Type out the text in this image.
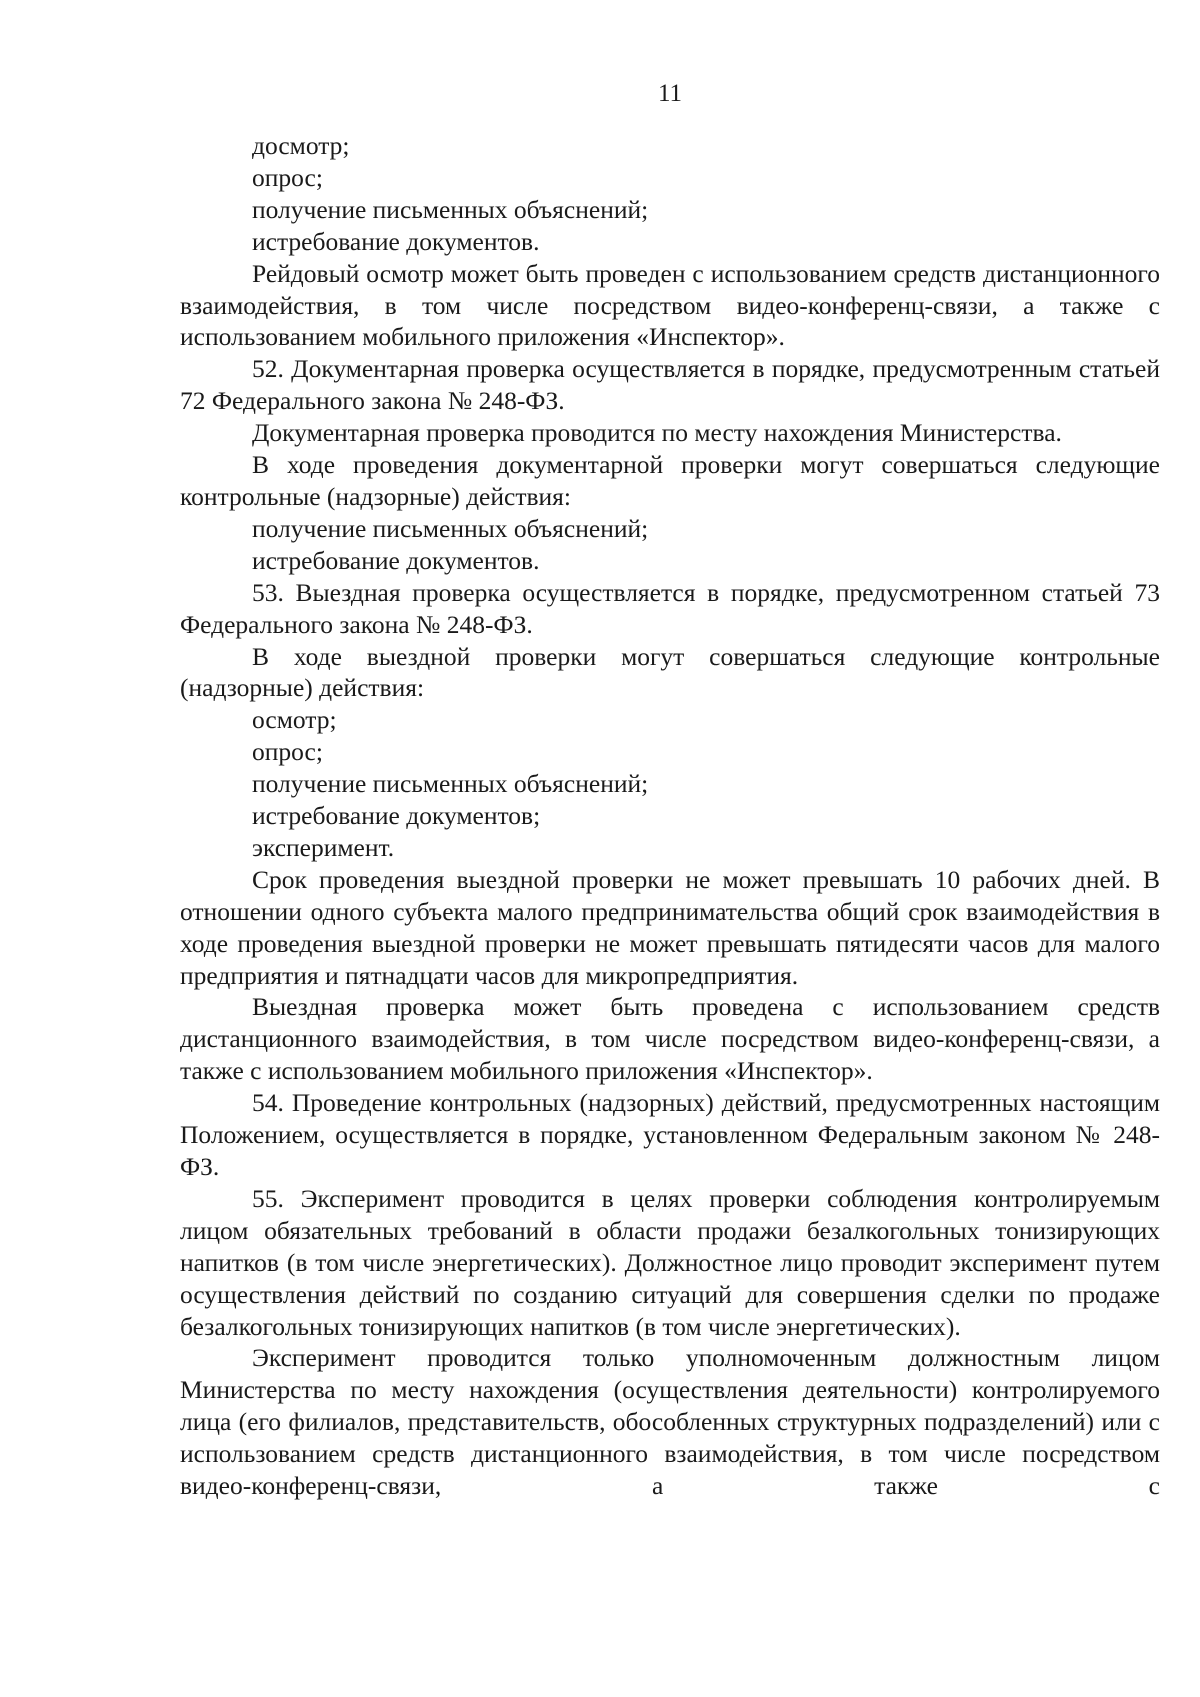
11

досмотр;

опрос;

получение письменных объяснений;

истребование документов.

Рейдовый осмотр может быть проведен с использованием средств дистанционного взаимодействия, в том числе посредством видео-конференц-связи, а также с использованием мобильного приложения «Инспектор».

52. Документарная проверка осуществляется в порядке, предусмотренным статьей 72 Федерального закона № 248-ФЗ.

Документарная проверка проводится по месту нахождения Министерства.

В ходе проведения документарной проверки могут совершаться следующие контрольные (надзорные) действия:

получение письменных объяснений;

истребование документов.

53. Выездная проверка осуществляется в порядке, предусмотренном статьей 73 Федерального закона № 248-ФЗ.

В ходе выездной проверки могут совершаться следующие контрольные (надзорные) действия:

осмотр;

опрос;

получение письменных объяснений;

истребование документов;

эксперимент.

Срок проведения выездной проверки не может превышать 10 рабочих дней. В отношении одного субъекта малого предпринимательства общий срок взаимодействия в ходе проведения выездной проверки не может превышать пятидесяти часов для малого предприятия и пятнадцати часов для микропредприятия.

Выездная проверка может быть проведена с использованием средств дистанционного взаимодействия, в том числе посредством видео-конференц-связи, а также с использованием мобильного приложения «Инспектор».

54. Проведение контрольных (надзорных) действий, предусмотренных настоящим Положением, осуществляется в порядке, установленном Федеральным законом № 248-ФЗ.

55. Эксперимент проводится в целях проверки соблюдения контролируемым лицом обязательных требований в области продажи безалкогольных тонизирующих напитков (в том числе энергетических). Должностное лицо проводит эксперимент путем осуществления действий по созданию ситуаций для совершения сделки по продаже безалкогольных тонизирующих напитков (в том числе энергетических).

Эксперимент проводится только уполномоченным должностным лицом Министерства по месту нахождения (осуществления деятельности) контролируемого лица (его филиалов, представительств, обособленных структурных подразделений) или с использованием средств дистанционного взаимодействия, в том числе посредством видео-конференц-связи, а также с
